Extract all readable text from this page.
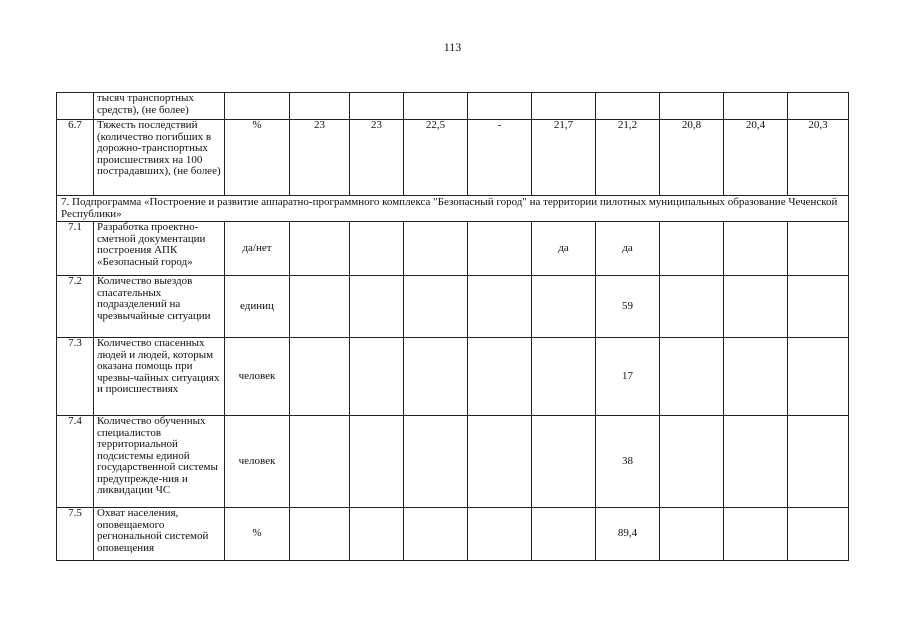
113
	тысяч транспортных средств), (не более)										
6.7	Тяжесть последствий (количество погибших в дорожно-транспортных происшествиях на 100 пострадавших), (не более)	%	23	23	22,5	-	21,7	21,2	20,8	20,4	20,3
7. Подпрограмма «Построение и развитие аппаратно-программного комплекса "Безопасный город" на территории пилотных муниципальных образование Чеченской Республики»											
7.1	Разработка проектно-сметной документации построения АПК «Безопасный город»	да/нет					да	да			
7.2	Количество выездов спасательных подразделений на чрезвычайные ситуации	единиц						59			
7.3	Количество спасенных людей и людей, которым оказана помощь при чрезвы-чайных ситуациях и происшествиях	человек						17			
7.4	Количество обученных специалистов территориальной подсистемы единой государственной системы предупрежде-ния и ликвидации ЧС	человек						38			
7.5	Охват населения, оповещаемого регнональной системой оповещения	%						89,4			
